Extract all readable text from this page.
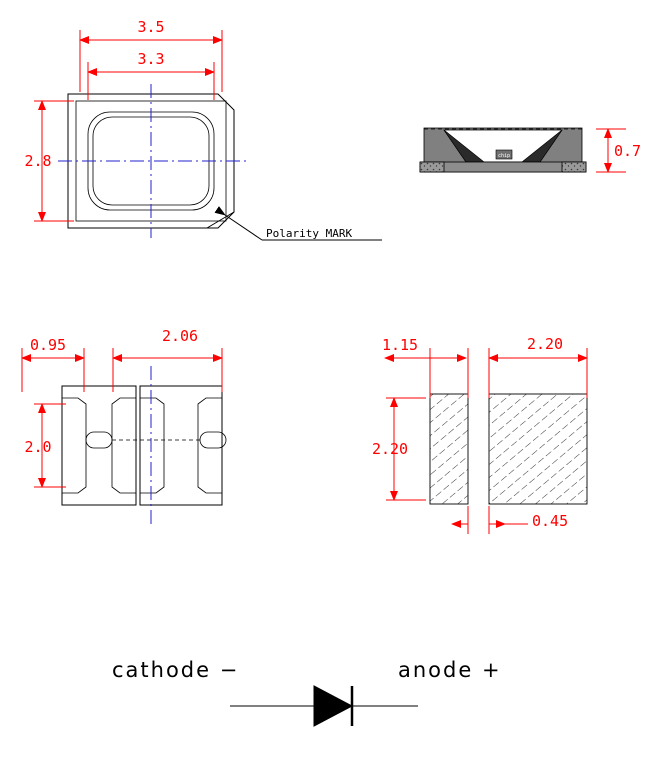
3.5
3.3
2.8
Polarity MARK
chip	0.7
0.95	2.06
2.0
1.15	2.20
2.20
0.45
cathode −	anode +
